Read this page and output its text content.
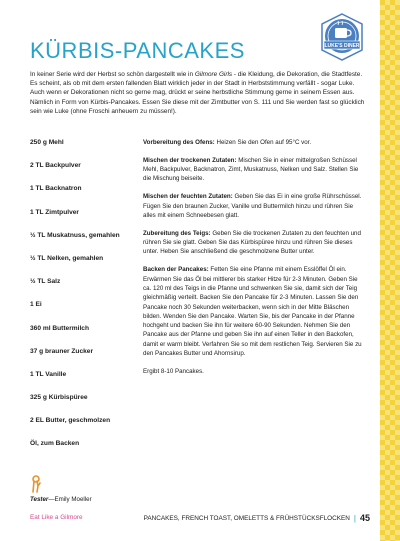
KÜRBIS-PANCAKES	LUKE'S DINER

In keiner Serie wird der Herbst so schön dargestellt wie in Gilmore Girls - die Kleidung, die Dekoration, die Stadtfeste. Es scheint, als ob mit dem ersten fallenden Blatt wirklich jeder in der Stadt in Herbststimmung verfällt - sogar Luke. Auch wenn er Dekorationen nicht so gerne mag, drückt er seine herbstliche Stimmung gerne in seinem Essen aus. Nämlich in Form von Kürbis-Pancakes. Essen Sie diese mit der Zimtbutter von S. 111 und Sie werden fast so glücklich sein wie Luke (ohne Froschi anheuern zu müssen!).

250 g Mehl
2 TL Backpulver
1 TL Backnatron
1 TL Zimtpulver
½ TL Muskatnuss, gemahlen
½ TL Nelken, gemahlen
½ TL Salz
1 Ei
360 ml Buttermilch
37 g brauner Zucker
1 TL Vanille
325 g Kürbispüree
2 EL Butter, geschmolzen
Öl, zum Backen

Vorbereitung des Ofens: Heizen Sie den Ofen auf 95°C vor.

Mischen der trockenen Zutaten: Mischen Sie in einer mittelgroßen Schüssel Mehl, Backpulver, Backnatron, Zimt, Muskatnuss, Nelken und Salz. Stellen Sie die Mischung beiseite.

Mischen der feuchten Zutaten: Geben Sie das Ei in eine große Rührschüssel. Fügen Sie den braunen Zucker, Vanille und Buttermilch hinzu und rühren Sie alles mit einem Schneebesen glatt.

Zubereitung des Teigs: Geben Sie die trockenen Zutaten zu den feuchten und rühren Sie sie glatt. Geben Sie das Kürbispüree hinzu und rühren Sie dieses unter. Heben Sie anschließend die geschmolzene Butter unter.

Backen der Pancakes: Fetten Sie eine Pfanne mit einem Esslöffel Öl ein. Erwärmen Sie das Öl bei mittlerer bis starker Hitze für 2-3 Minuten. Geben Sie ca. 120 ml des Teigs in die Pfanne und schwenken Sie sie, damit sich der Teig gleichmäßig verteilt. Backen Sie den Pancake für 2-3 Minuten. Lassen Sie den Pancake noch 30 Sekunden weiterbacken, wenn sich in der Mitte Bläschen bilden. Wenden Sie den Pancake. Warten Sie, bis der Pancake in der Pfanne hochgeht und backen Sie ihn für weitere 60-90 Sekunden. Nehmen Sie den Pancake aus der Pfanne und geben Sie ihn auf einen Teller in den Backofen, damit er warm bleibt. Verfahren Sie so mit dem restlichen Teig. Servieren Sie zu den Pancakes Butter und Ahornsirup.

Ergibt 8-10 Pancakes.

Tester—Emily Moeller
Eat Like a Gilmore	PANCAKES, FRENCH TOAST, OMELETTS & FRÜHSTÜCKSFLOCKEN | 45
